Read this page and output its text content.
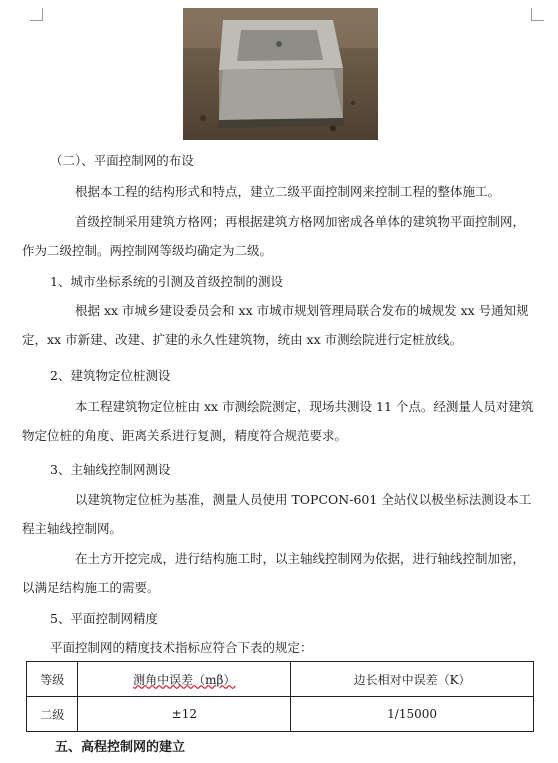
（二）、平面控制网的布设

根据本工程的结构形式和特点，建立二级平面控制网来控制工程的整体施工。

首级控制采用建筑方格网；再根据建筑方格网加密成各单体的建筑物平面控制网，作为二级控制。两控制网等级均确定为二级。

1、城市坐标系统的引测及首级控制的测设

根据 xx 市城乡建设委员会和 xx 市城市规划管理局联合发布的城规发 xx 号通知规定，xx 市新建、改建、扩建的永久性建筑物，统由 xx 市测绘院进行定桩放线。

2、建筑物定位桩测设

本工程建筑物定位桩由 xx 市测绘院测定，现场共测设 11 个点。经测量人员对建筑物定位桩的角度、距离关系进行复测，精度符合规范要求。

3、主轴线控制网测设

以建筑物定位桩为基准，测量人员使用 TOPCON-601 全站仪以极坐标法测设本工程主轴线控制网。

在土方开挖完成，进行结构施工时，以主轴线控制网为依据，进行轴线控制加密，以满足结构施工的需要。

5、平面控制网精度

平面控制网的精度技术指标应符合下表的规定：

等级	测角中误差（mβ）	边长相对中误差（K）
二级	±12	1/15000
五、高程控制网的建立
